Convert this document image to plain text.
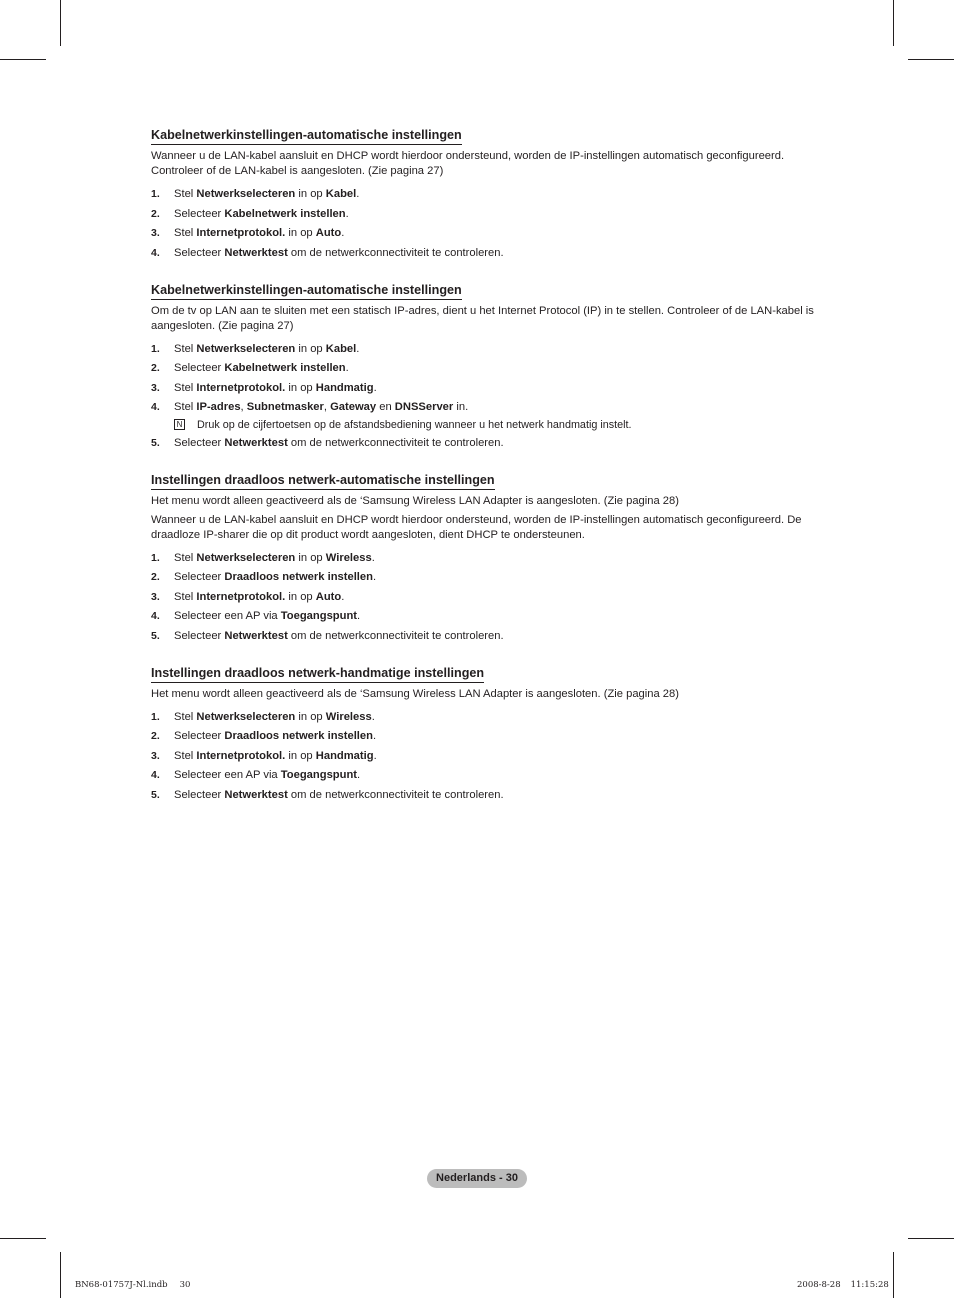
Kabelnetwerkinstellingen-automatische instellingen

Wanneer u de LAN-kabel aansluit en DHCP wordt hierdoor ondersteund, worden de IP-instellingen automatisch geconfigureerd. Controleer of de LAN-kabel is aangesloten. (Zie pagina 27)

1. Stel Netwerkselecteren in op Kabel.
2. Selecteer Kabelnetwerk instellen.
3. Stel Internetprotokol. in op Auto.
4. Selecteer Netwerktest om de netwerkconnectiviteit te controleren.
Kabelnetwerkinstellingen-automatische instellingen

Om de tv op LAN aan te sluiten met een statisch IP-adres, dient u het Internet Protocol (IP) in te stellen. Controleer of de LAN-kabel is aangesloten. (Zie pagina 27)

1. Stel Netwerkselecteren in op Kabel.
2. Selecteer Kabelnetwerk instellen.
3. Stel Internetprotokol. in op Handmatig.
4. Stel IP-adres, Subnetmasker, Gateway en DNSServer in.
N Druk op de cijfertoetsen op de afstandsbediening wanneer u het netwerk handmatig instelt.
5. Selecteer Netwerktest om de netwerkconnectiviteit te controleren.
Instellingen draadloos netwerk-automatische instellingen

Het menu wordt alleen geactiveerd als de ‘Samsung Wireless LAN Adapter is aangesloten. (Zie pagina 28)

Wanneer u de LAN-kabel aansluit en DHCP wordt hierdoor ondersteund, worden de IP-instellingen automatisch geconfigureerd. De draadloze IP-sharer die op dit product wordt aangesloten, dient DHCP te ondersteunen.

1. Stel Netwerkselecteren in op Wireless.
2. Selecteer Draadloos netwerk instellen.
3. Stel Internetprotokol. in op Auto.
4. Selecteer een AP via Toegangspunt.
5. Selecteer Netwerktest om de netwerkconnectiviteit te controleren.
Instellingen draadloos netwerk-handmatige instellingen

Het menu wordt alleen geactiveerd als de ‘Samsung Wireless LAN Adapter is aangesloten. (Zie pagina 28)

1. Stel Netwerkselecteren in op Wireless.
2. Selecteer Draadloos netwerk instellen.
3. Stel Internetprotokol. in op Handmatig.
4. Selecteer een AP via Toegangspunt.
5. Selecteer Netwerktest om de netwerkconnectiviteit te controleren.
Nederlands - 30
BN68-01757J-Nl.indb 30	2008-8-28 11:15:28
